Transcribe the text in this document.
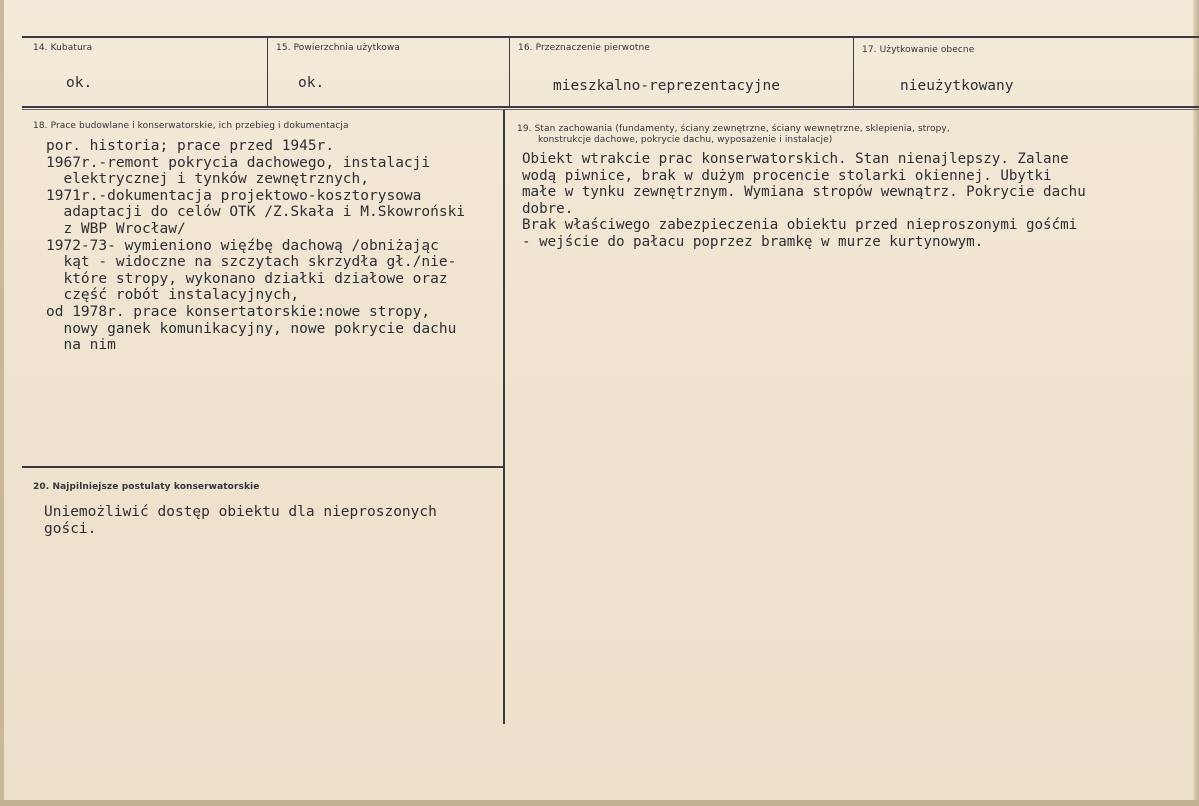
14. Kubatura
ok.
15. Powierzchnia użytkowa
ok.
16. Przeznaczenie pierwotne
mieszkalno-reprezentacyjne
17. Użytkowanie obecne
nieużytkowany
18. Prace budowlane i konserwatorskie, ich przebieg i dokumentacja
por. historia; prace przed 1945r.
1967r.-remont pokrycia dachowego, instalacji
elektrycznej i tynków zewnętrznych,
1971r.-dokumentacja projektowo-kosztorysowa
adaptacji do celów OTK /Z.Skała i M.Skowroński
z WBP Wrocław/
1972-73- wymieniono więźbę dachową /obniżając
kąt - widoczne na szczytach skrzydła gł./nie-
które stropy, wykonano działki działowe oraz
część robót instalacyjnych,
od 1978r. prace konsertatorskie:nowe stropy,
nowy ganek komunikacyjny, nowe pokrycie dachu
na nim
19. Stan zachowania (fundamenty, ściany zewnętrzne, ściany wewnętrzne, sklepienia, stropy,
konstrukcje dachowe, pokrycie dachu, wyposażenie i instalacje)
Obiekt wtrakcie prac konserwatorskich. Stan nienajlepszy. Zalane
wodą piwnice, brak w dużym procencie stolarki okiennej. Ubytki
małe w tynku zewnętrznym. Wymiana stropów wewnątrz. Pokrycie dachu
dobre.
Brak właściwego zabezpieczenia obiektu przed nieproszonymi gośćmi
- wejście do pałacu poprzez bramkę w murze kurtynowym.
20. Najpilniejsze postulaty konserwatorskie
Uniemożliwić dostęp obiektu dla nieproszonych
gości.
